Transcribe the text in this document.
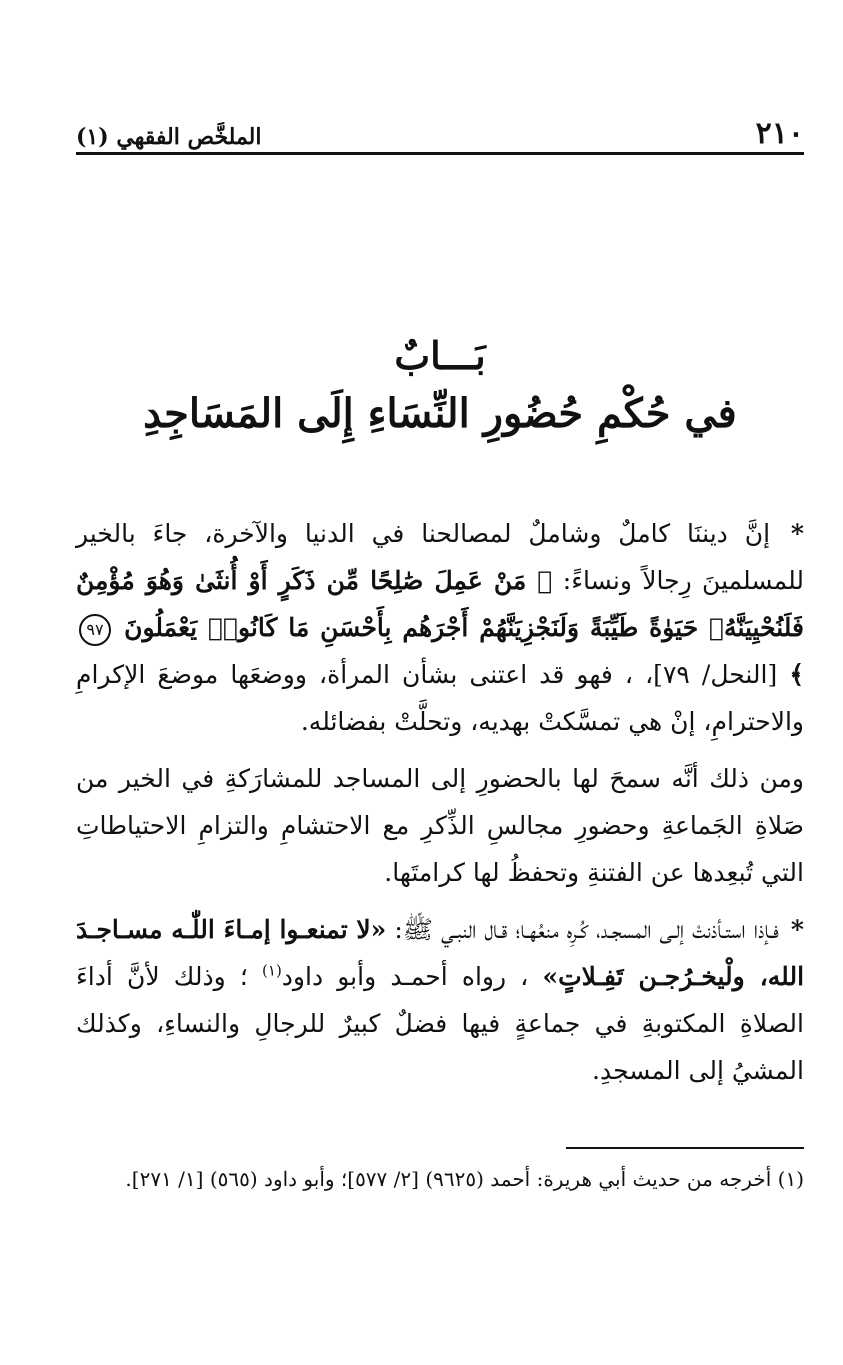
٢١٠
الملخَّص الفقهي (١)
بَـــابٌ
في حُكْمِ حُضُورِ النِّسَاءِ إِلَى المَسَاجِدِ

* إنَّ ديننَا كاملٌ وشاملٌ لمصالحنا في الدنيا والآخرة، جاءَ بالخير للمسلمينَ رِجالاً ونساءً: ﴿ مَنْ عَمِلَ صَٰلِحًا مِّن ذَكَرٍ أَوْ أُنثَىٰ وَهُوَ مُؤْمِنٌ فَلَنُحْيِيَنَّهُۥ حَيَوٰةً طَيِّبَةً وَلَنَجْزِيَنَّهُمْ أَجْرَهُم بِأَحْسَنِ مَا كَانُوا۟ يَعْمَلُونَ ٩٧ ﴾ [النحل/ ٧٩]، ، فهو قد اعتنى بشأن المرأة، ووضعَها موضعَ الإكرامِ والاحترامِ، إنْ هي تمسَّكتْ بهديه، وتحلَّتْ بفضائله.

ومن ذلك أنَّه سمحَ لها بالحضورِ إلى المساجد للمشارَكةِ في الخير من صَلاةِ الجَماعةِ وحضورِ مجالسِ الذِّكرِ مع الاحتشامِ والتزامِ الاحتياطاتِ التي تُبعِدها عن الفتنةِ وتحفظُ لها كرامتَها.

* فـإذا استـأذنتْ إلـى المسجـد، كُـرِه منعُهـا؛ قـال النبـي ﷺ: «لا تمنعـوا إمـاءَ اللّٰـه مسـاجـدَ الله، ولْيخـرُجـن تَفِـلاتٍ» ، رواه أحمـد وأبو داود$^{(١)}$ ؛ وذلك لأنَّ أداءَ الصلاةِ المكتوبةِ في جماعةٍ فيها فضلٌ كبيرٌ للرجالِ والنساءِ، وكذلك المشيُ إلى المسجدِ.

(١) أخرجه من حديث أبي هريرة: أحمد (٩٦٢٥) [٢/ ٥٧٧]؛ وأبو داود (٥٦٥) [١/ ٢٧١].
